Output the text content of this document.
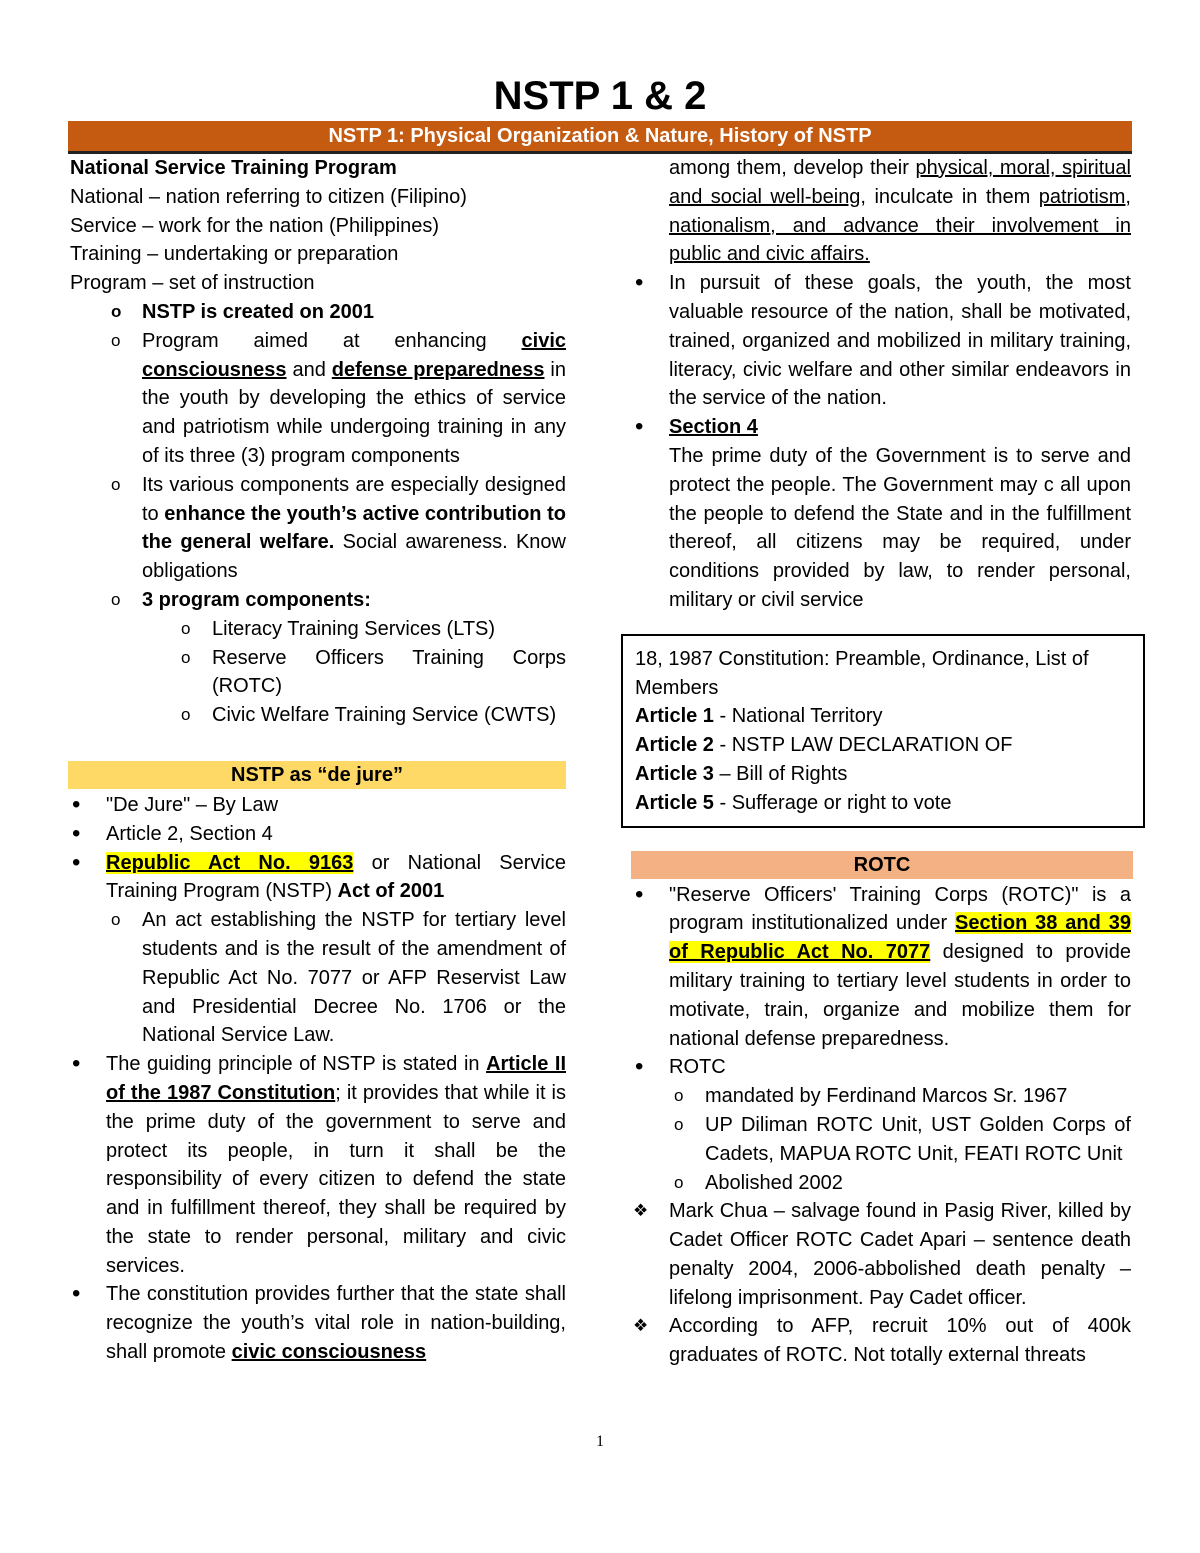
NSTP 1 & 2
NSTP 1: Physical Organization & Nature, History of NSTP

National Service Training Program

National – nation referring to citizen (Filipino)

Service – work for the nation (Philippines)

Training – undertaking or preparation

Program – set of instruction

o NSTP is created on 2001
o Program aimed at enhancing civic consciousness and defense preparedness in the youth by developing the ethics of service and patriotism while undergoing training in any of its three (3) program components
o Its various components are especially designed to enhance the youth’s active contribution to the general welfare. Social awareness. Know obligations
o 3 program components:
o Literacy Training Services (LTS)
o Reserve Officers Training Corps (ROTC)
o Civic Welfare Training Service (CWTS)
NSTP as “de jure”
• "De Jure" – By Law
• Article 2, Section 4
• Republic Act No. 9163 or National Service Training Program (NSTP) Act of 2001
o An act establishing the NSTP for tertiary level students and is the result of the amendment of Republic Act No. 7077 or AFP Reservist Law and Presidential Decree No. 1706 or the National Service Law.
• The guiding principle of NSTP is stated in Article II of the 1987 Constitution; it provides that while it is the prime duty of the government to serve and protect its people, in turn it shall be the responsibility of every citizen to defend the state and in fulfillment thereof, they shall be required by the state to render personal, military and civic services.
• The constitution provides further that the state shall recognize the youth’s vital role in nation-building, shall promote civic consciousness

among them, develop their physical, moral, spiritual and social well-being, inculcate in them patriotism, nationalism, and advance their involvement in public and civic affairs.

• In pursuit of these goals, the youth, the most valuable resource of the nation, shall be motivated, trained, organized and mobilized in military training, literacy, civic welfare and other similar endeavors in the service of the nation.
• Section 4
The prime duty of the Government is to serve and protect the people. The Government may c all upon the people to defend the State and in the fulfillment thereof, all citizens may be required, under conditions provided by law, to render personal, military or civil service
18, 1987 Constitution: Preamble, Ordinance, List of Members
Article 1 - National Territory
Article 2 - NSTP LAW DECLARATION OF
Article 3 – Bill of Rights
Article 5 - Sufferage or right to vote
ROTC
• "Reserve Officers' Training Corps (ROTC)" is a program institutionalized under Section 38 and 39 of Republic Act No. 7077 designed to provide military training to tertiary level students in order to motivate, train, organize and mobilize them for national defense preparedness.
• ROTC
o mandated by Ferdinand Marcos Sr. 1967
o UP Diliman ROTC Unit, UST Golden Corps of Cadets, MAPUA ROTC Unit, FEATI ROTC Unit
o Abolished 2002
❖ Mark Chua – salvage found in Pasig River, killed by Cadet Officer ROTC Cadet Apari – sentence death penalty 2004, 2006-abbolished death penalty – lifelong imprisonment. Pay Cadet officer.
❖ According to AFP, recruit 10% out of 400k graduates of ROTC. Not totally external threats
1
